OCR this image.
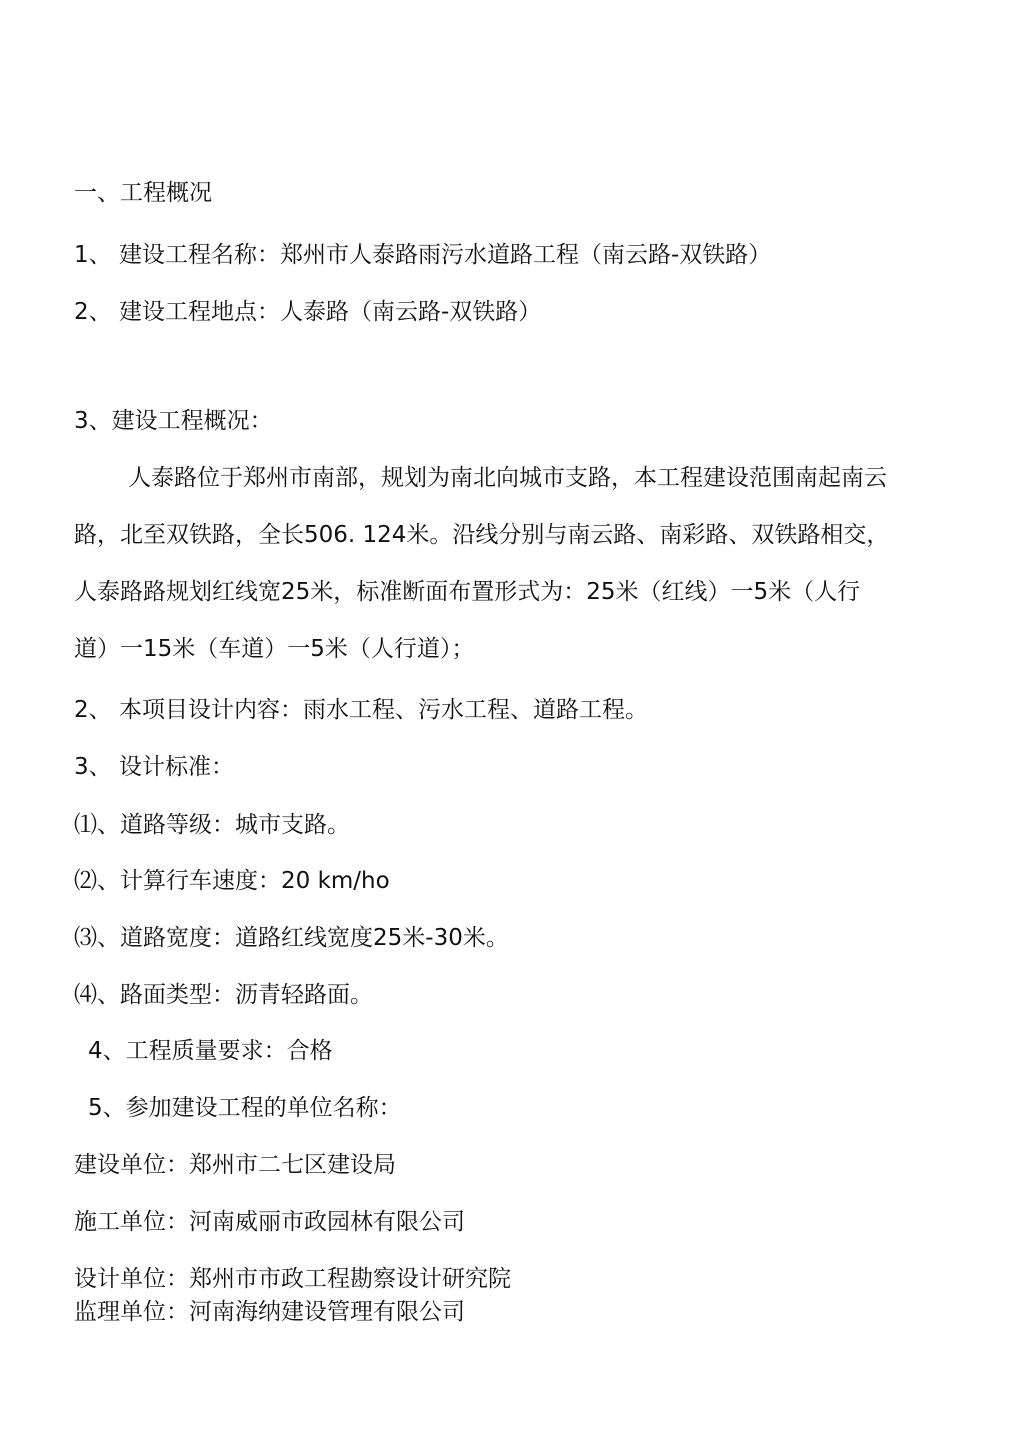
一、工程概况
1、 建设工程名称：郑州市人泰路雨污水道路工程（南云路-双铁路）
2、 建设工程地点：人泰路（南云路-双铁路）
3、建设工程概况：
人泰路位于郑州市南部，规划为南北向城市支路，本工程建设范围南起南云
路，北至双铁路，全长506. 124米。沿线分别与南云路、南彩路、双铁路相交，
人泰路路规划红线宽25米，标准断面布置形式为：25米（红线）一5米（人行
道）一15米（车道）一5米（人行道）；
2、 本项目设计内容：雨水工程、污水工程、道路工程。
3、 设计标准：
⑴、道路等级：城市支路。
⑵、计算行车速度：20 km/ho
⑶、道路宽度：道路红线宽度25米-30米。
⑷、路面类型：沥青轻路面。
4、工程质量要求：合格
5、参加建设工程的单位名称：
建设单位：郑州市二七区建设局
施工单位：河南威丽市政园林有限公司
设计单位：郑州市市政工程勘察设计研究院
监理单位：河南海纳建设管理有限公司
